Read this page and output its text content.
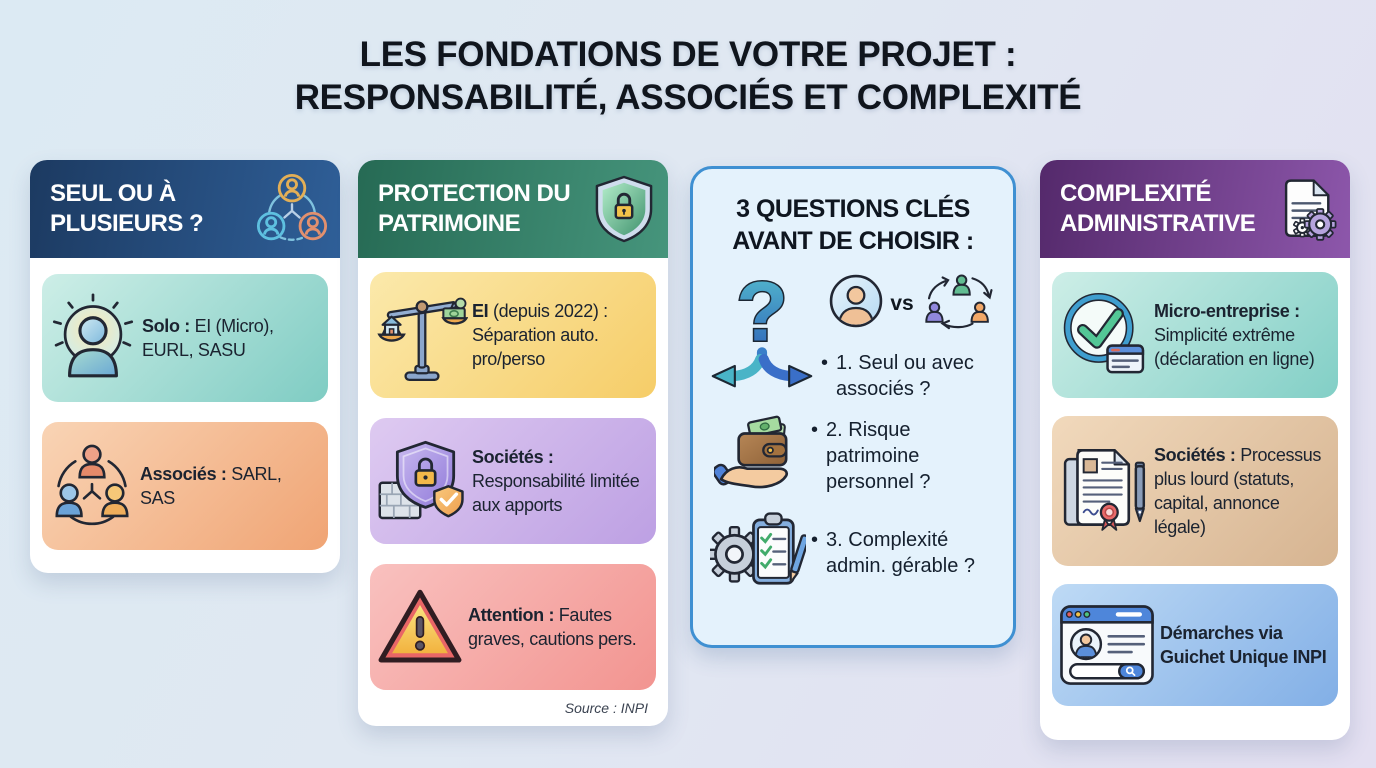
LES FONDATIONS DE VOTRE PROJET :
RESPONSABILITÉ, ASSOCIÉS ET COMPLEXITÉ
SEUL OU À PLUSIEURS ?
Solo : EI (Micro), EURL, SASU
Associés : SARL, SAS
PROTECTION DU PATRIMOINE
EI (depuis 2022) : Séparation auto. pro/perso
Sociétés : Responsabilité limitée aux apports
Attention : Fautes graves, cautions pers.
Source : INPI
3 QUESTIONS CLÉS
AVANT DE CHOISIR :
?	vs
• 1. Seul ou avec associés ?
• 2. Risque patrimoine personnel ?
• 3. Complexité admin. gérable ?
COMPLEXITÉ ADMINISTRATIVE
Micro-entreprise : Simplicité extrême (déclaration en ligne)
Sociétés : Processus plus lourd (statuts, capital, annonce légale)
Démarches via Guichet Unique INPI
